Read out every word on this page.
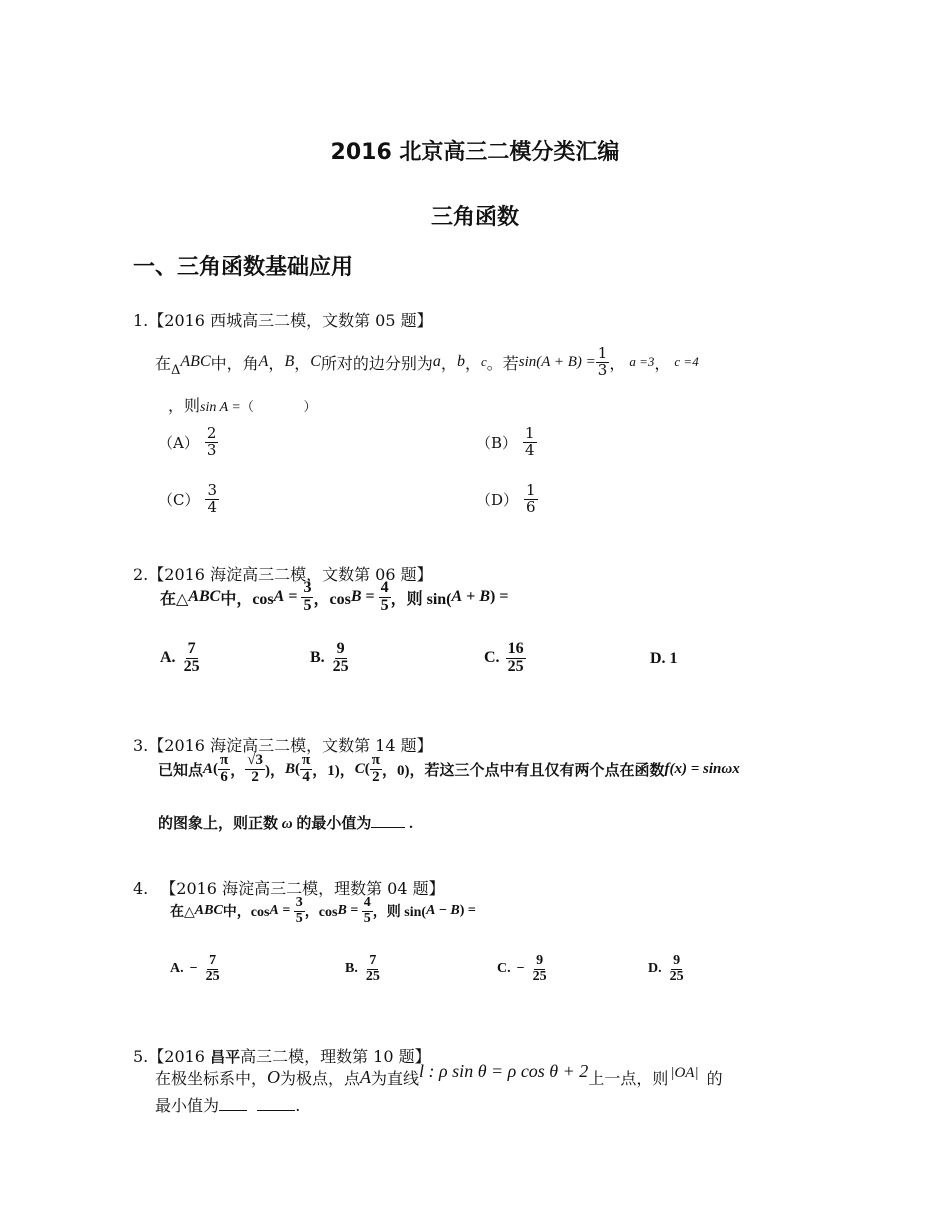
2016 北京高三二模分类汇编
三角函数
一、三角函数基础应用
1.【2016 西城高三二模，文数第 05 题】
在 Δ ABC 中，角 A ， B ， C 所对的边分别为 a ， b ， c 。若 $\sin(A + B) = \frac{1}{3}$ ， a =3 ， c =4
，则sin A =（            ）
$(A) \frac{2}{3}$	$(B) \frac{1}{4}$
$(C) \frac{3}{4}$	$(D) \frac{1}{6}$
2.【2016 海淀高三二模，文数第 06 题】
在△ ABC 中，$\cos A = \frac{3}{5}$ ，$\cos B = \frac{4}{5}$ ，则 sin( A + B ) =
A. $\frac{7}{25}$	B. $\frac{9}{25}$	C. $\frac{16}{25}$	D. 1
3.【2016 海淀高三二模，文数第 14 题】
已知点 A ( $\frac{\pi}{6}$ ， $\frac{√3}{2}$ )， B ( $\frac{\pi}{4}$ ，1)， C ( $\frac{\pi}{2}$ ，0) ，若这三个点中有且仅有两个点在函数 f(x) = sinωx
的图象上，则正数 ω 的最小值为	.
4. 【2016 海淀高三二模，理数第 04 题】
在△ ABC 中，$\cos A = \frac{3}{5}$ ，$\cos B = \frac{4}{5}$ ，则 sin( A − B ) =
A. − $\frac{7}{25}$	B. $\frac{7}{25}$	C. − $\frac{9}{25}$	D. $\frac{9}{25}$
5.【2016 昌平高三二模，理数第 10 题】
在极坐标系中， O 为极点，点 A 为直线 l : ρ sin θ = ρ cos θ + 2 上一点，则 |OA| 的
最小值为	.
